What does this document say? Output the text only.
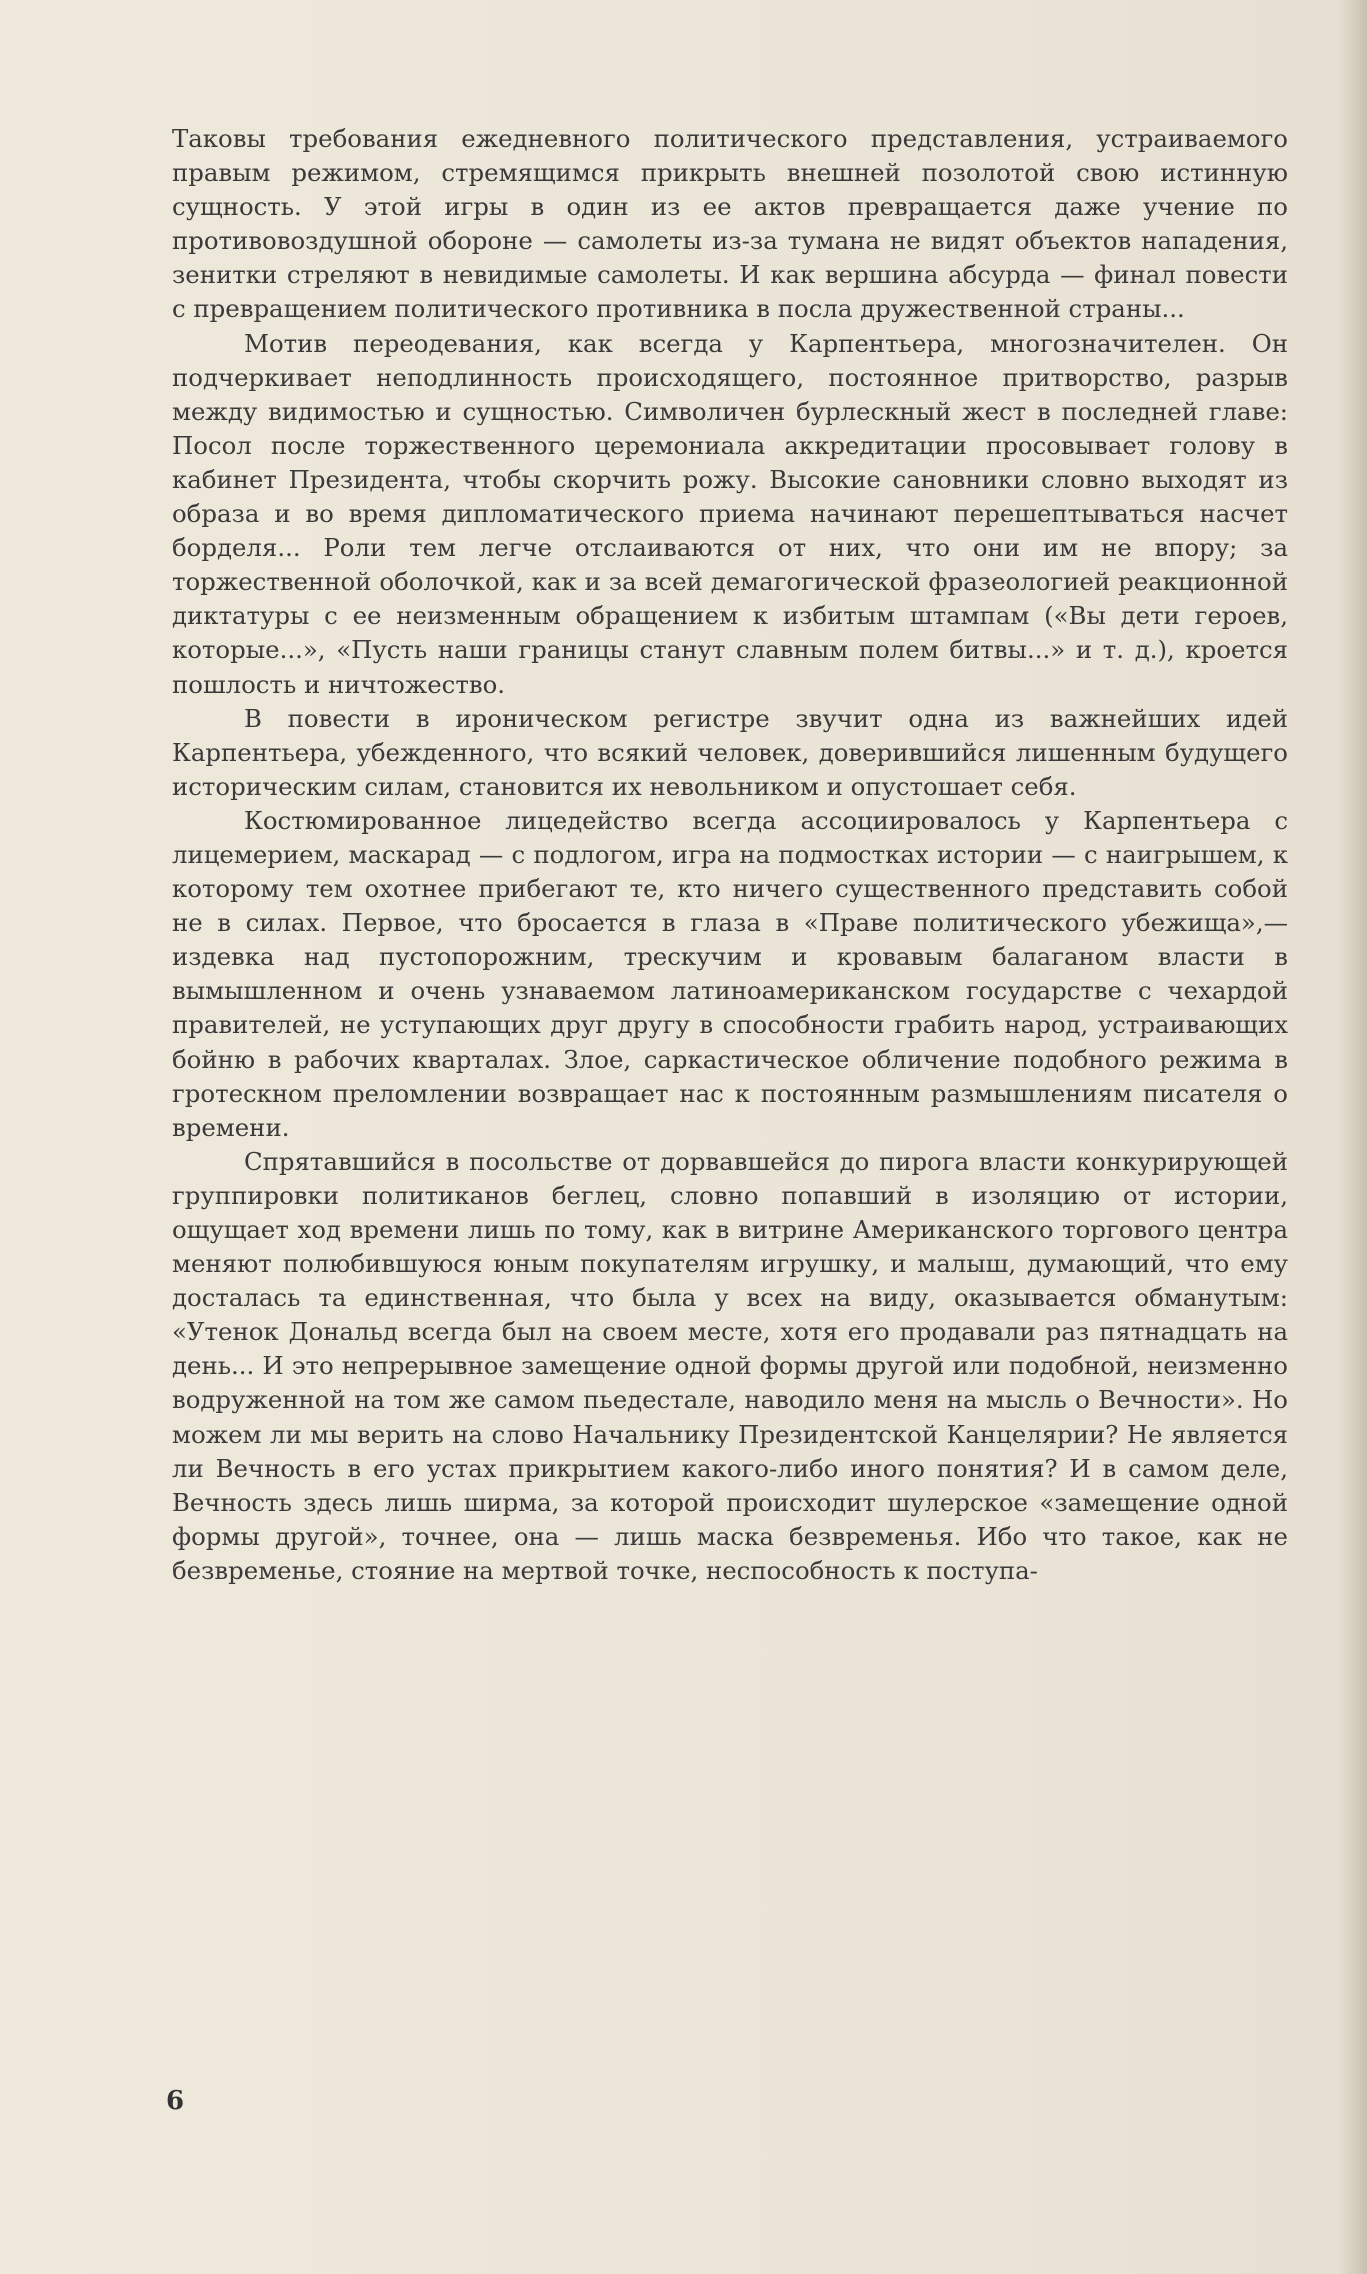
Таковы требования ежедневного политического представления, устраиваемого правым режимом, стремящимся прикрыть внешней позолотой свою истинную сущность. У этой игры в один из ее актов превращается даже учение по противовоздушной обороне — самолеты из-за тумана не видят объектов нападения, зенитки стреляют в невидимые самолеты. И как вершина абсурда — финал повести с превращением политического противника в посла дружественной страны...

Мотив переодевания, как всегда у Карпентьера, многозначителен. Он подчеркивает неподлинность происходящего, постоянное притворство, разрыв между видимостью и сущностью. Символичен бурлескный жест в последней главе: Посол после торжественного церемониала аккредитации просовывает голову в кабинет Президента, чтобы скорчить рожу. Высокие сановники словно выходят из образа и во время дипломатического приема начинают перешептываться насчет борделя... Роли тем легче отслаиваются от них, что они им не впору; за торжественной оболочкой, как и за всей демагогической фразеологией реакционной диктатуры с ее неизменным обращением к избитым штампам («Вы дети героев, которые...», «Пусть наши границы станут славным полем битвы...» и т. д.), кроется пошлость и ничтожество.

В повести в ироническом регистре звучит одна из важнейших идей Карпентьера, убежденного, что всякий человек, доверившийся лишенным будущего историческим силам, становится их невольником и опустошает себя.

Костюмированное лицедейство всегда ассоциировалось у Карпентьера с лицемерием, маскарад — с подлогом, игра на подмостках истории — с наигрышем, к которому тем охотнее прибегают те, кто ничего существенного представить собой не в силах. Первое, что бросается в глаза в «Праве политического убежища»,— издевка над пустопорожним, трескучим и кровавым балаганом власти в вымышленном и очень узнаваемом латиноамериканском государстве с чехардой правителей, не уступающих друг другу в способности грабить народ, устраивающих бойню в рабочих кварталах. Злое, саркастическое обличение подобного режима в гротескном преломлении возвращает нас к постоянным размышлениям писателя о времени.

Спрятавшийся в посольстве от дорвавшейся до пирога власти конкурирующей группировки политиканов беглец, словно попавший в изоляцию от истории, ощущает ход времени лишь по тому, как в витрине Американского торгового центра меняют полюбившуюся юным покупателям игрушку, и малыш, думающий, что ему досталась та единственная, что была у всех на виду, оказывается обманутым: «Утенок Дональд всегда был на своем месте, хотя его продавали раз пятнадцать на день... И это непрерывное замещение одной формы другой или подобной, неизменно водруженной на том же самом пьедестале, наводило меня на мысль о Вечности». Но можем ли мы верить на слово Начальнику Президентской Канцелярии? Не является ли Вечность в его устах прикрытием какого-либо иного понятия? И в самом деле, Вечность здесь лишь ширма, за которой происходит шулерское «замещение одной формы другой», точнее, она — лишь маска безвременья. Ибо что такое, как не безвременье, стояние на мертвой точке, неспособность к поступа-

6
